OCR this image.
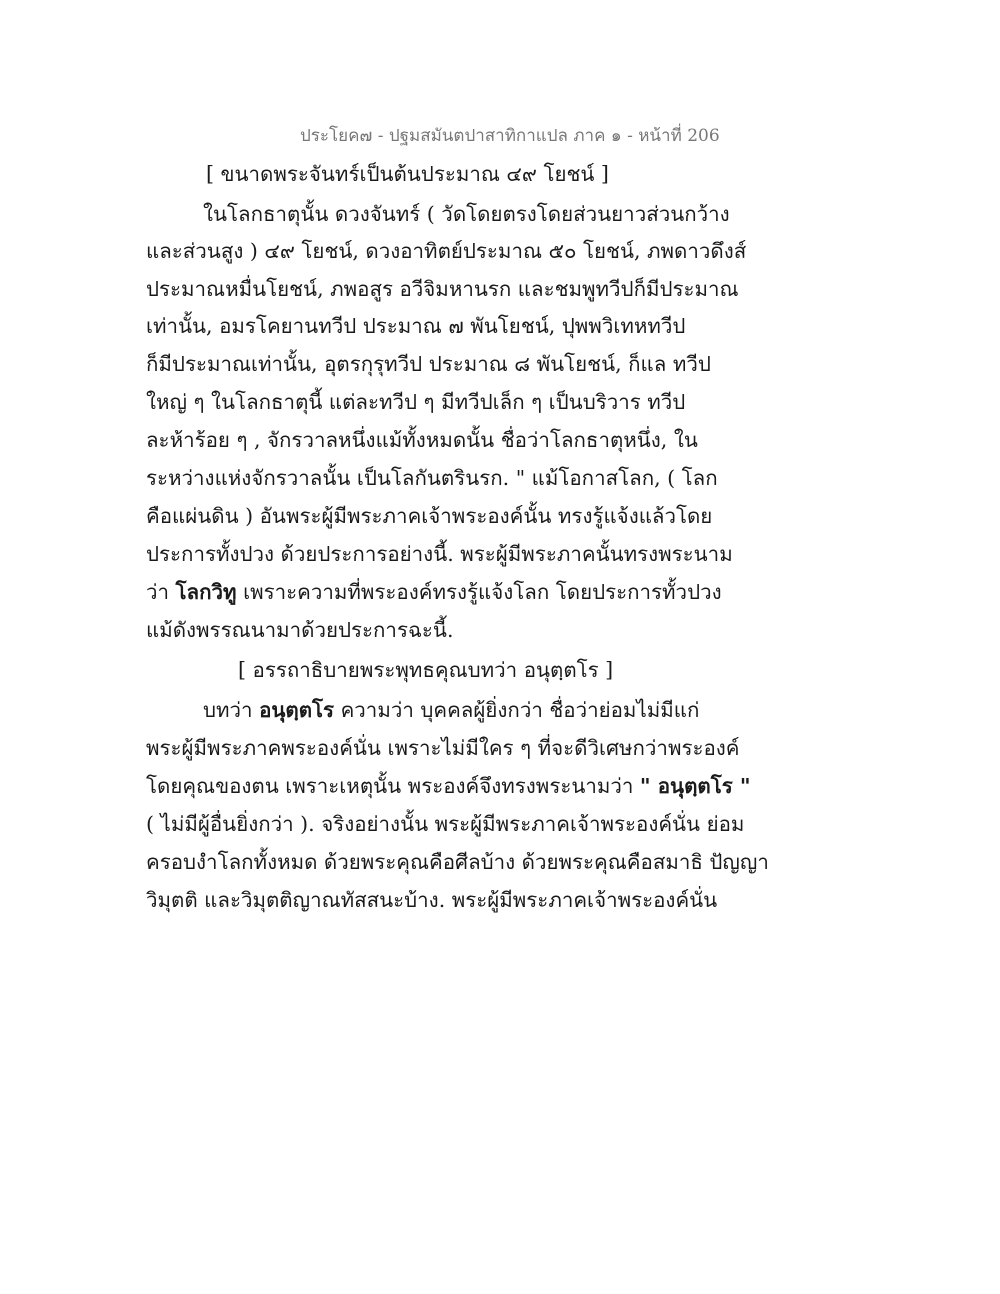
ประโยค๗ - ปฐมสมันตปาสาทิกาแปล ภาค ๑ - หน้าที่ 206
[ ขนาดพระจันทร์เป็นต้นประมาณ ๔๙ โยชน์ ]
ในโลกธาตุนั้น ดวงจันทร์ ( วัดโดยตรงโดยส่วนยาวส่วนกว้าง
และส่วนสูง ) ๔๙ โยชน์, ดวงอาทิตย์ประมาณ ๕๐ โยชน์, ภพดาวดึงส์
ประมาณหมื่นโยชน์, ภพอสูร อวีจิมหานรก และชมพูทวีปก็มีประมาณ
เท่านั้น, อมรโคยานทวีป ประมาณ ๗ พันโยชน์, ปุพพวิเทหทวีป
ก็มีประมาณเท่านั้น, อุตรกุรุทวีป ประมาณ ๘ พันโยชน์, ก็แล ทวีป
ใหญ่ ๆ ในโลกธาตุนี้ แต่ละทวีป ๆ มีทวีปเล็ก ๆ เป็นบริวาร ทวีป
ละห้าร้อย ๆ , จักรวาลหนึ่งแม้ทั้งหมดนั้น ชื่อว่าโลกธาตุหนึ่ง, ใน
ระหว่างแห่งจักรวาลนั้น เป็นโลกันตรินรก. " แม้โอกาสโลก, ( โลก
คือแผ่นดิน ) อันพระผู้มีพระภาคเจ้าพระองค์นั้น ทรงรู้แจ้งแล้วโดย
ประการทั้งปวง ด้วยประการอย่างนี้. พระผู้มีพระภาคนั้นทรงพระนาม
ว่า โลกวิทู เพราะความที่พระองค์ทรงรู้แจ้งโลก โดยประการทั้วปวง
แม้ดังพรรณนามาด้วยประการฉะนี้.
[ อรรถาธิบายพระพุทธคุณบทว่า อนุตฺตโร ]
บทว่า อนุตฺตโร ความว่า บุคคลผู้ยิ่งกว่า ชื่อว่าย่อมไม่มีแก่
พระผู้มีพระภาคพระองค์นั่น เพราะไม่มีใคร ๆ ที่จะดีวิเศษกว่าพระองค์
โดยคุณของตน เพราะเหตุนั้น พระองค์จึงทรงพระนามว่า " อนุตฺตโร "
( ไม่มีผู้อื่นยิ่งกว่า ). จริงอย่างนั้น พระผู้มีพระภาคเจ้าพระองค์นั่น ย่อม
ครอบงำโลกทั้งหมด ด้วยพระคุณคือศีลบ้าง ด้วยพระคุณคือสมาธิ ปัญญา
วิมุตติ และวิมุตติญาณทัสสนะบ้าง. พระผู้มีพระภาคเจ้าพระองค์นั่น
